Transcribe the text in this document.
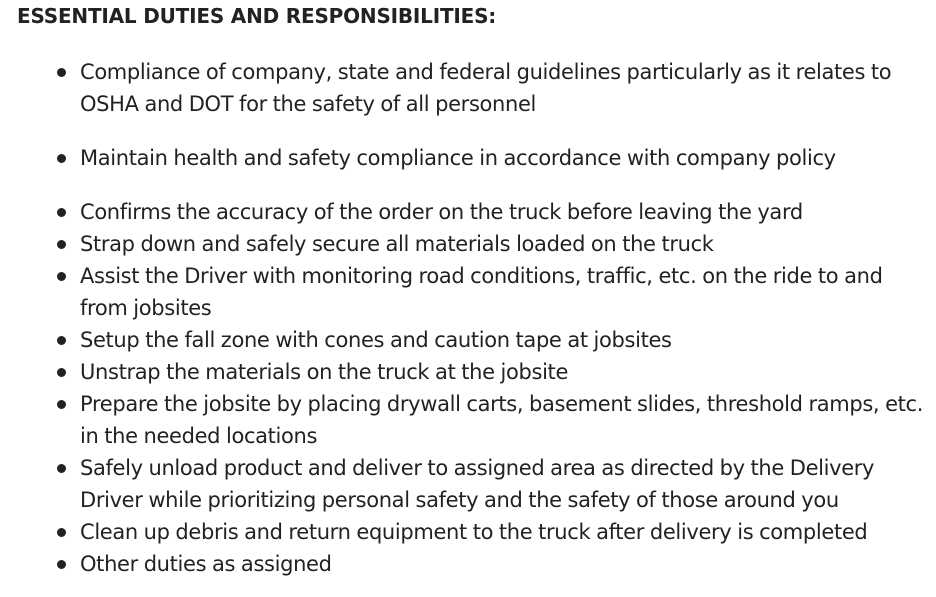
ESSENTIAL DUTIES AND RESPONSIBILITIES:
Compliance of company, state and federal guidelines particularly as it relates to OSHA and DOT for the safety of all personnel
Maintain health and safety compliance in accordance with company policy
Confirms the accuracy of the order on the truck before leaving the yard
Strap down and safely secure all materials loaded on the truck
Assist the Driver with monitoring road conditions, traffic, etc. on the ride to and from jobsites
Setup the fall zone with cones and caution tape at jobsites
Unstrap the materials on the truck at the jobsite
Prepare the jobsite by placing drywall carts, basement slides, threshold ramps, etc. in the needed locations
Safely unload product and deliver to assigned area as directed by the Delivery Driver while prioritizing personal safety and the safety of those around you
Clean up debris and return equipment to the truck after delivery is completed
Other duties as assigned
